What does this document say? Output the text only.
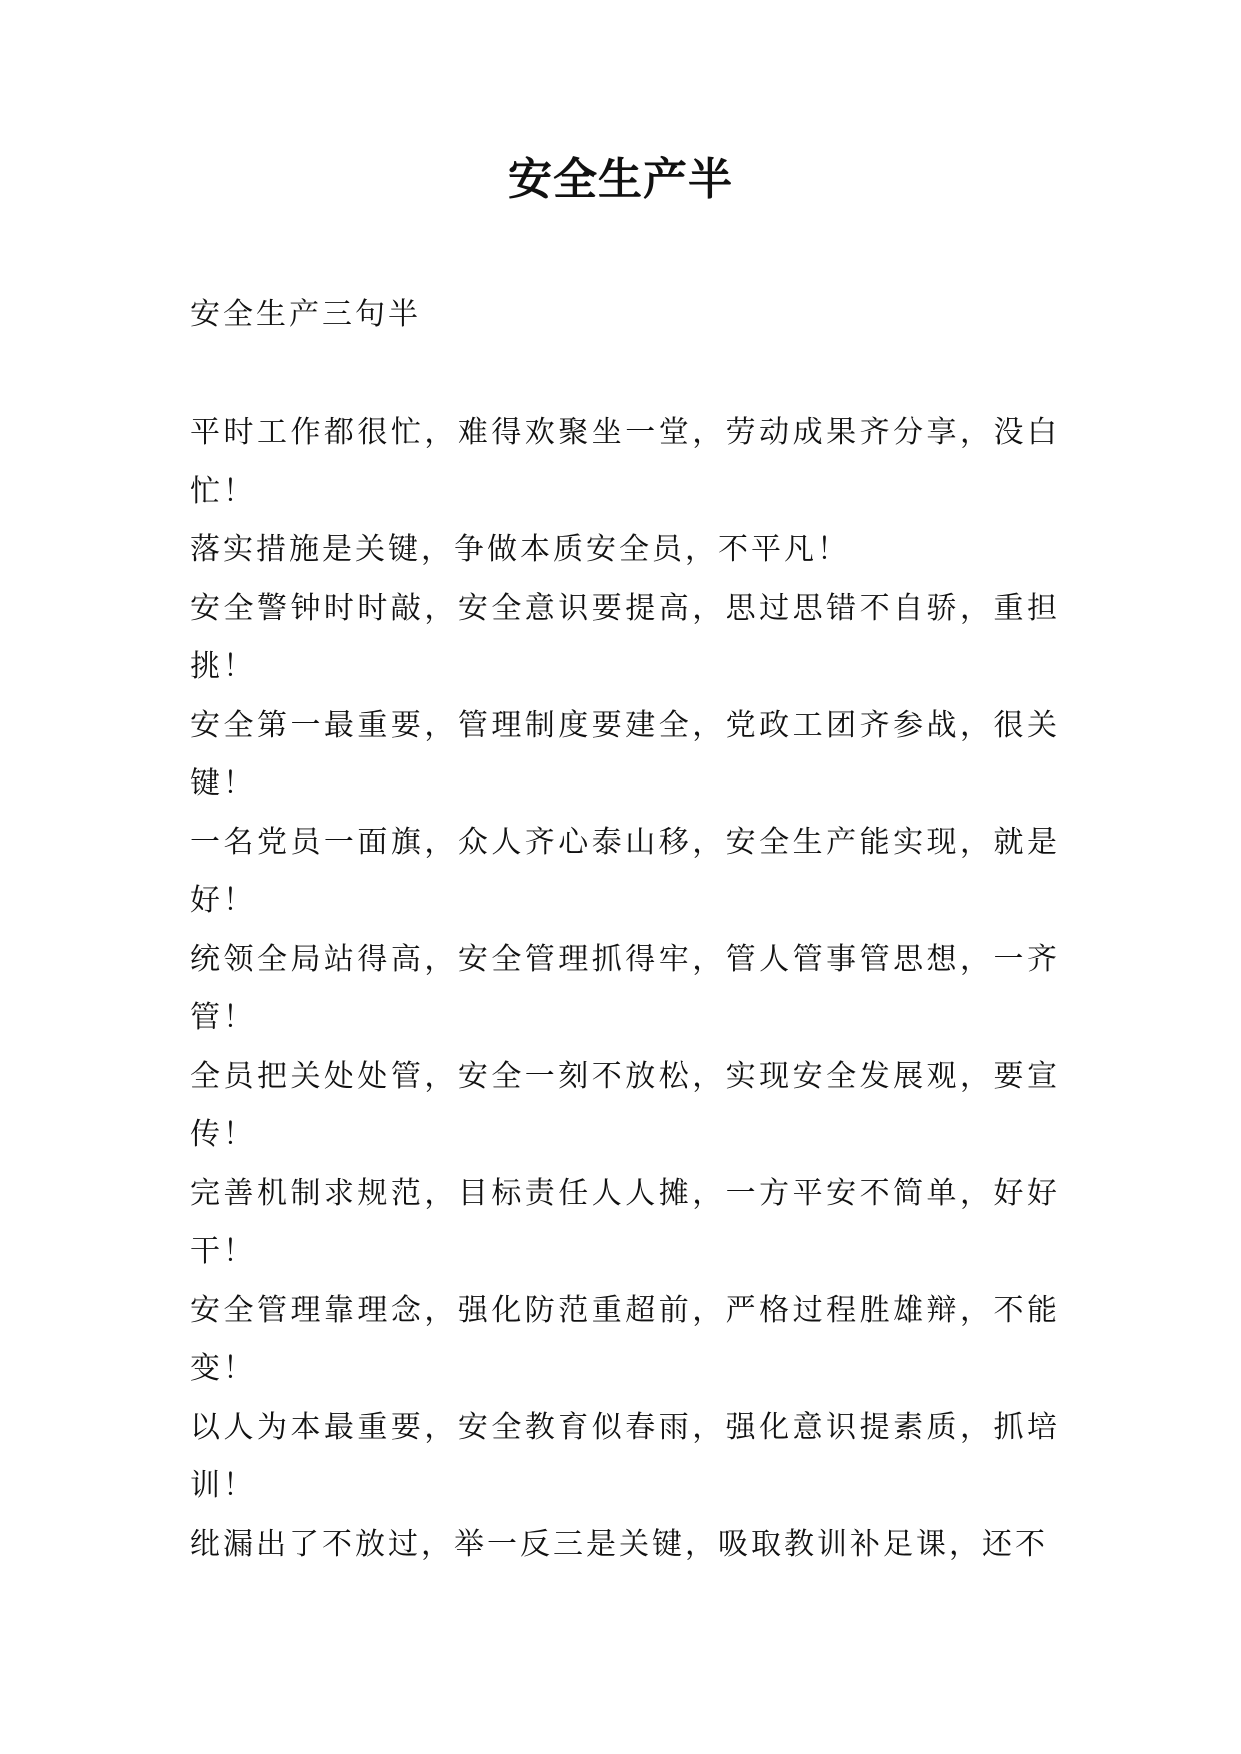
安全生产半
安全生产三句半

平时工作都很忙，难得欢聚坐一堂，劳动成果齐分享，没白忙！

落实措施是关键，争做本质安全员，不平凡！

安全警钟时时敲，安全意识要提高，思过思错不自骄，重担挑！

安全第一最重要，管理制度要建全，党政工团齐参战，很关键！

一名党员一面旗，众人齐心泰山移，安全生产能实现，就是好！

统领全局站得高，安全管理抓得牢，管人管事管思想，一齐管！

全员把关处处管，安全一刻不放松，实现安全发展观，要宣传！

完善机制求规范，目标责任人人摊，一方平安不简单，好好干！

安全管理靠理念，强化防范重超前，严格过程胜雄辩，不能变！

以人为本最重要，安全教育似春雨，强化意识提素质，抓培训！

纰漏出了不放过，举一反三是关键，吸取教训补足课，还不
